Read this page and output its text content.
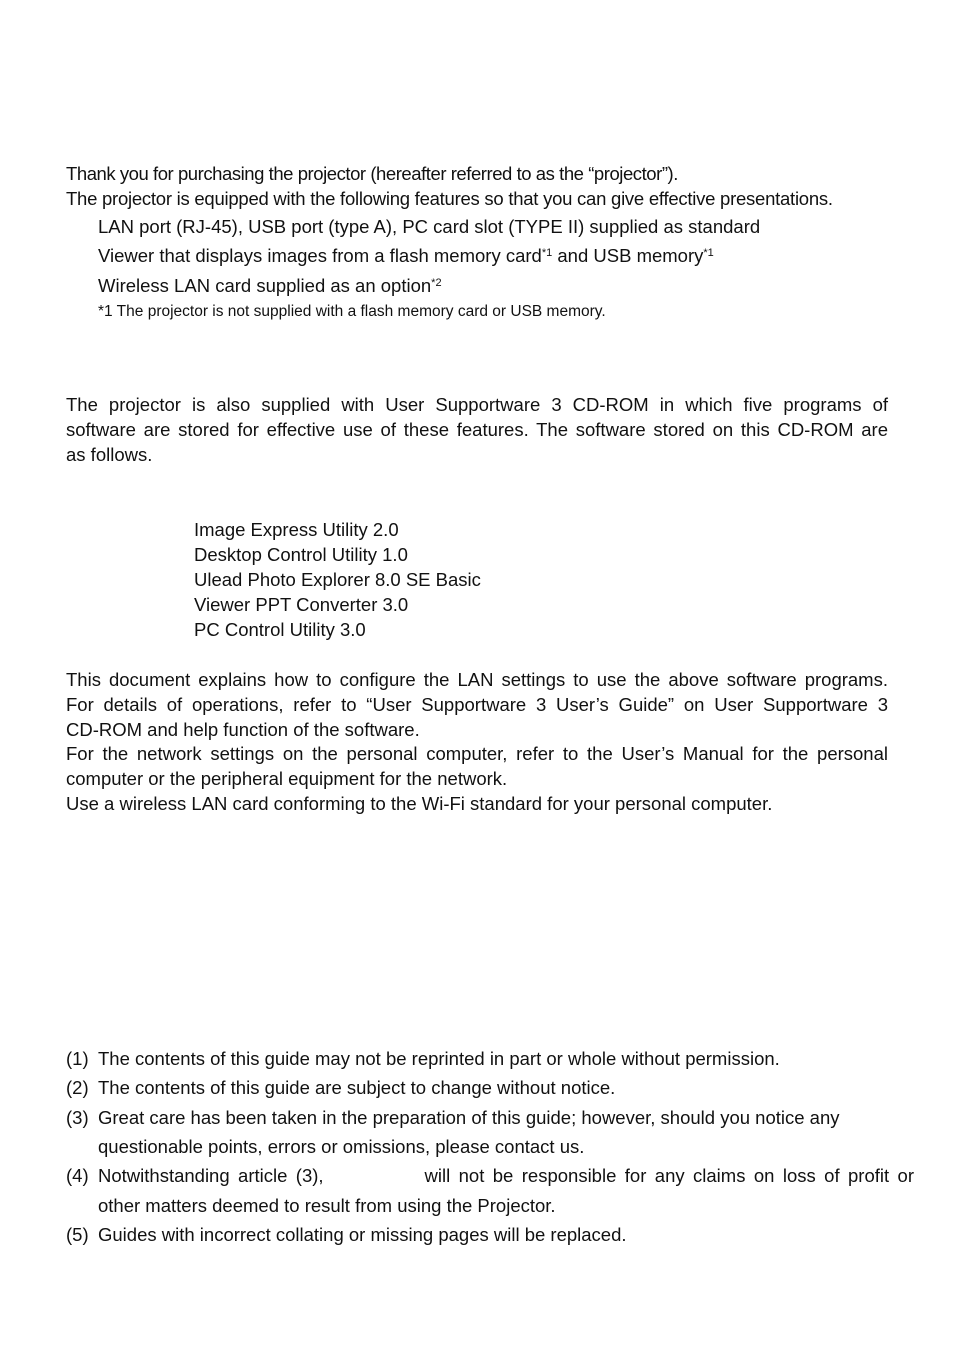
Thank you for purchasing the projector (hereafter referred to as the “projector”).
The projector is equipped with the following features so that you can give effective presentations.
LAN port (RJ-45), USB port (type A), PC card slot (TYPE II) supplied as standard
Viewer that displays images from a flash memory card$^{*1}$ and USB memory$^{*1}$
Wireless LAN card supplied as an option$^{*2}$
*1 The projector is not supplied with a flash memory card or USB memory.
The projector is also supplied with User Supportware 3 CD-ROM in which five programs of
software are stored for effective use of these features. The software stored on this CD-ROM are
as follows.
Image Express Utility 2.0
Desktop Control Utility 1.0
Ulead Photo Explorer 8.0 SE Basic
Viewer PPT Converter 3.0
PC Control Utility 3.0
This document explains how to configure the LAN settings to use the above software programs.
For details of operations, refer to “User Supportware 3 User’s Guide” on User Supportware 3
CD-ROM and help function of the software.
For the network settings on the personal computer, refer to the User’s Manual for the personal
computer or the peripheral equipment for the network.
Use a wireless LAN card conforming to the Wi-Fi standard for your personal computer.
(1) The contents of this guide may not be reprinted in part or whole without permission.
(2) The contents of this guide are subject to change without notice.
(3) Great care has been taken in the preparation of this guide; however, should you notice any
questionable points, errors or omissions, please contact us.
(4) Notwithstanding article (3),            will not be responsible for any claims on loss of profit or
other matters deemed to result from using the Projector.
(5) Guides with incorrect collating or missing pages will be replaced.
